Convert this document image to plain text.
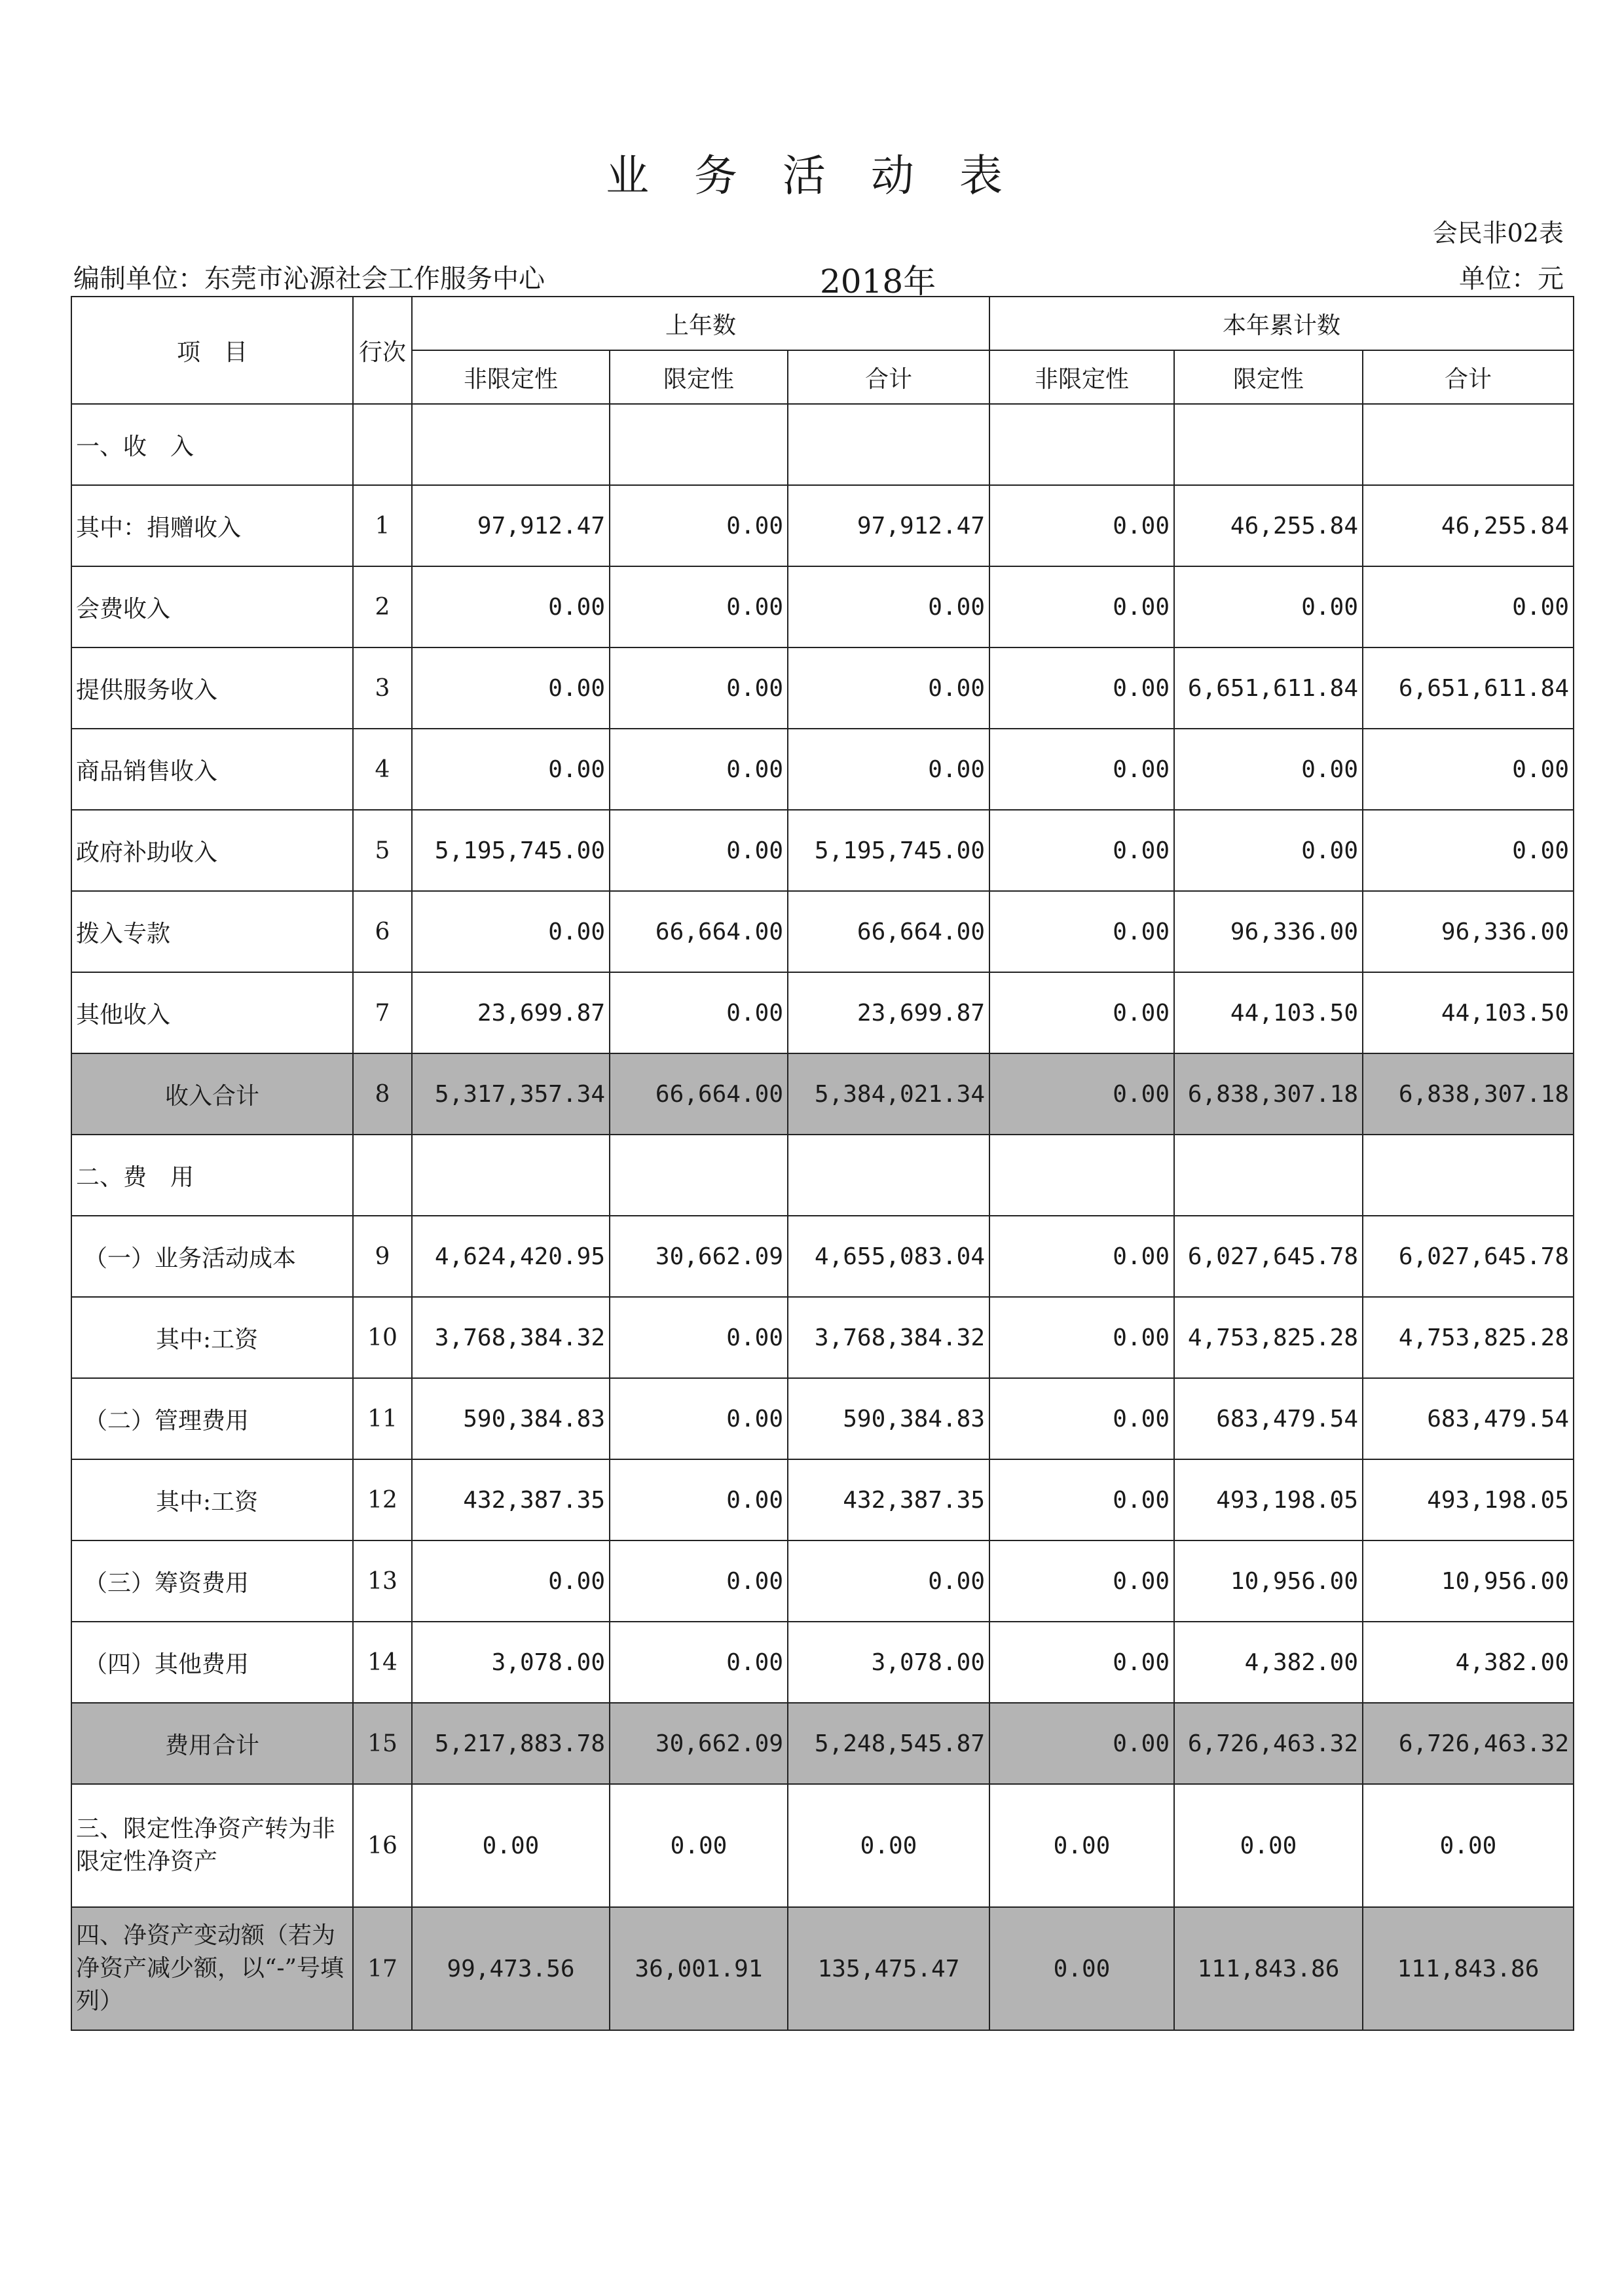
业 务 活 动 表
会民非02表
编制单位：东莞市沁源社会工作服务中心	2018年	单位：元
项　目	行次	上年数			本年累计数		
		非限定性	限定性	合计	非限定性	限定性	合计
一、收　入							
其中：捐赠收入	1	97,912.47	0.00	97,912.47	0.00	46,255.84	46,255.84
会费收入	2	0.00	0.00	0.00	0.00	0.00	0.00
提供服务收入	3	0.00	0.00	0.00	0.00	6,651,611.84	6,651,611.84
商品销售收入	4	0.00	0.00	0.00	0.00	0.00	0.00
政府补助收入	5	5,195,745.00	0.00	5,195,745.00	0.00	0.00	0.00
拨入专款	6	0.00	66,664.00	66,664.00	0.00	96,336.00	96,336.00
其他收入	7	23,699.87	0.00	23,699.87	0.00	44,103.50	44,103.50
收入合计	8	5,317,357.34	66,664.00	5,384,021.34	0.00	6,838,307.18	6,838,307.18
二、费　用							
（一）业务活动成本	9	4,624,420.95	30,662.09	4,655,083.04	0.00	6,027,645.78	6,027,645.78
其中:工资	10	3,768,384.32	0.00	3,768,384.32	0.00	4,753,825.28	4,753,825.28
（二）管理费用	11	590,384.83	0.00	590,384.83	0.00	683,479.54	683,479.54
其中:工资	12	432,387.35	0.00	432,387.35	0.00	493,198.05	493,198.05
（三）筹资费用	13	0.00	0.00	0.00	0.00	10,956.00	10,956.00
（四）其他费用	14	3,078.00	0.00	3,078.00	0.00	4,382.00	4,382.00
费用合计	15	5,217,883.78	30,662.09	5,248,545.87	0.00	6,726,463.32	6,726,463.32
三、限定性净资产转为非限定性净资产	16	0.00	0.00	0.00	0.00	0.00	0.00
四、净资产变动额（若为净资产减少额，以“-”号填列）	17	99,473.56	36,001.91	135,475.47	0.00	111,843.86	111,843.86
